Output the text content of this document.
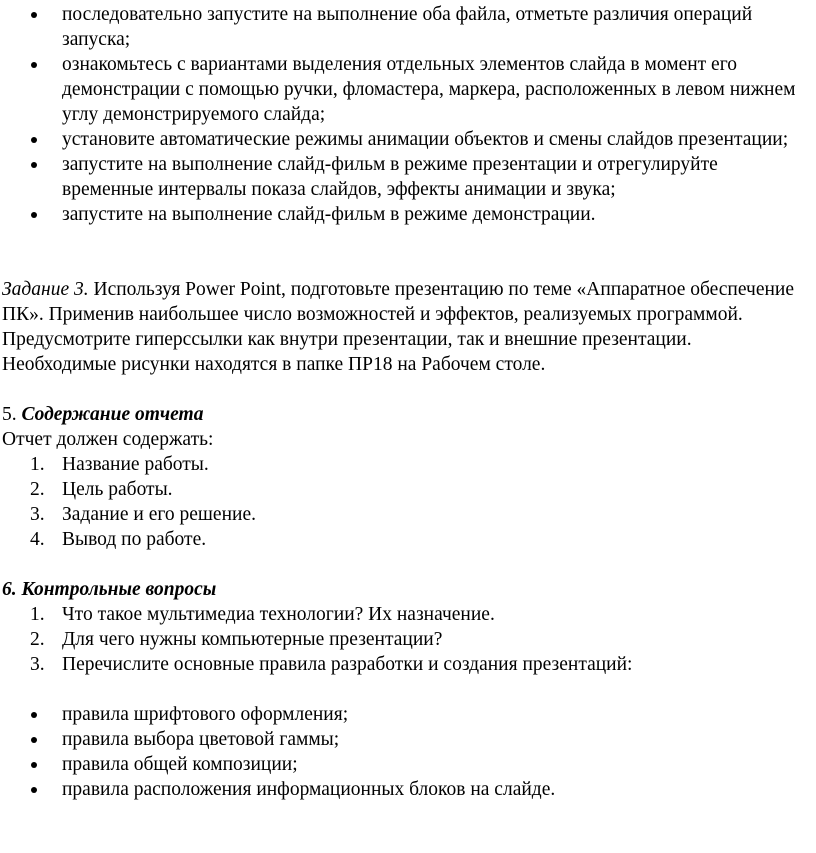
последовательно запустите на выполнение оба файла, отметьте различия операций запуска;
ознакомьтесь с вариантами выделения отдельных элементов слайда в момент его демонстрации с помощью ручки, фломастера, маркера, расположенных в левом нижнем углу демонстрируемого слайда;
установите автоматические режимы анимации объектов и смены слайдов презентации;
запустите на выполнение слайд-фильм в режиме презентации и отрегулируйте временные интервалы показа слайдов, эффекты анимации и звука;
запустите на выполнение слайд-фильм в режиме демонстрации.

Задание 3. Используя Power Point, подготовьте презентацию по теме «Аппаратное обеспечение ПК». Применив наибольшее число возможностей и эффектов, реализуемых программой. Предусмотрите гиперссылки как внутри презентации, так и внешние презентации.

Необходимые рисунки находятся в папке ПР18 на Рабочем столе.

5. Содержание отчета

Отчет должен содержать:

1. Название работы.
2. Цель работы.
3. Задание и его решение.
4. Вывод по работе.

6. Контрольные вопросы

1. Что такое мультимедиа технологии? Их назначение.
2. Для чего нужны компьютерные презентации?
3. Перечислите основные правила разработки и создания презентаций:
правила шрифтового оформления;
правила выбора цветовой гаммы;
правила общей композиции;
правила расположения информационных блоков на слайде.
